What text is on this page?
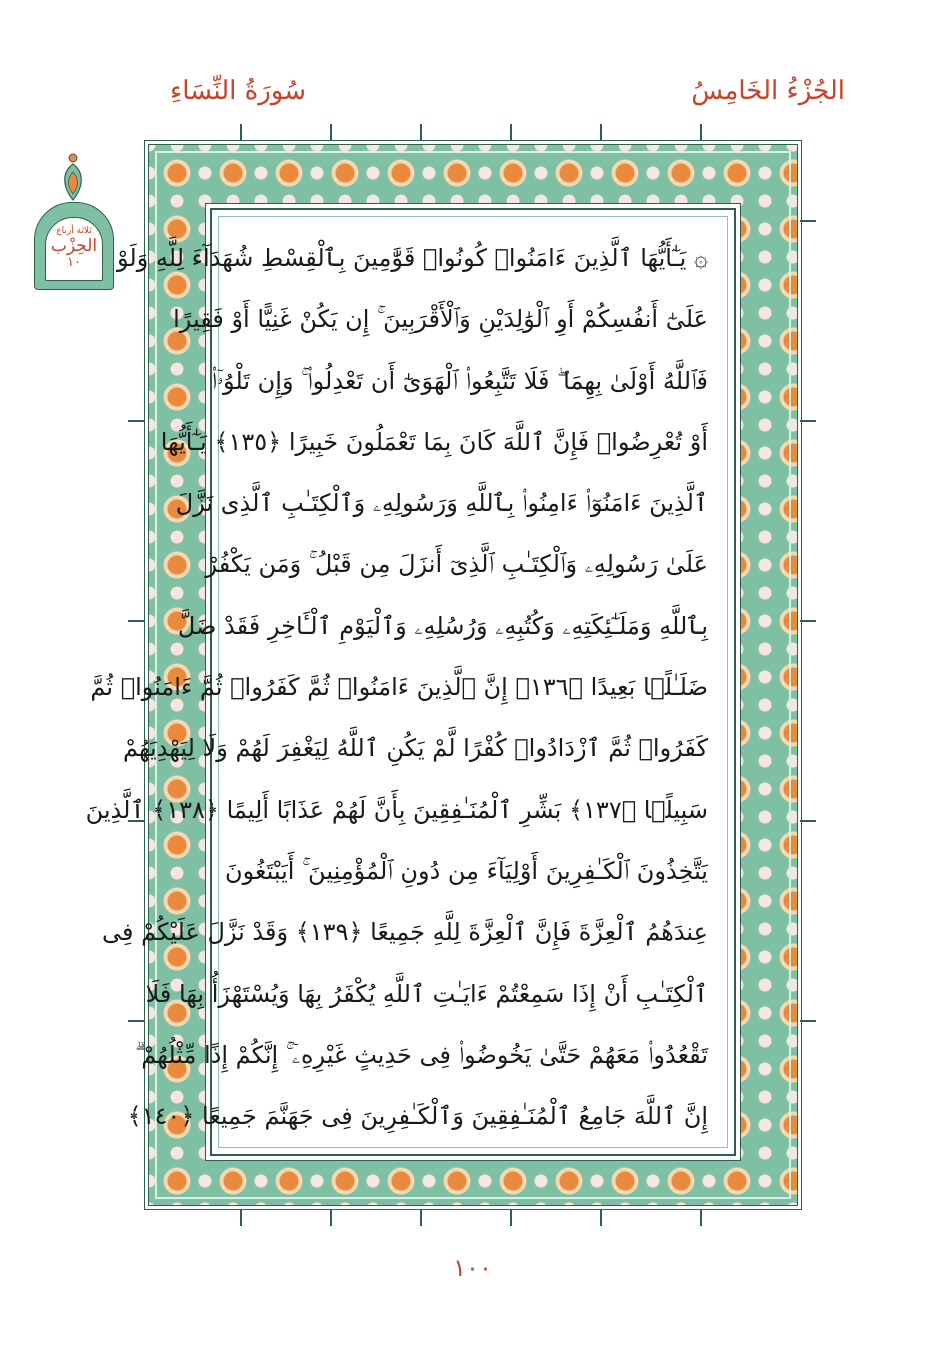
الجُزْءُ الخَامِسُ
سُورَةُ النِّسَاءِ
ثلاثة أرباع
الحِزْب
١٠	۞ يَـٰٓأَيُّهَا ٱلَّذِينَ ءَامَنُوا۟ كُونُوا۟ قَوَّٰمِينَ بِٱلْقِسْطِ شُهَدَآءَ لِلَّهِ وَلَوْ
عَلَىٰٓ أَنفُسِكُمْ أَوِ ٱلْوَٰلِدَيْنِ وَٱلْأَقْرَبِينَ ۚ إِن يَكُنْ غَنِيًّا أَوْ فَقِيرًا
فَٱللَّهُ أَوْلَىٰ بِهِمَا ۖ فَلَا تَتَّبِعُوا۟ ٱلْهَوَىٰٓ أَن تَعْدِلُوا۟ ۚ وَإِن تَلْوُۥٓا۟
أَوْ تُعْرِضُوا۟ فَإِنَّ ٱللَّهَ كَانَ بِمَا تَعْمَلُونَ خَبِيرًا ﴿١٣٥﴾ يَـٰٓأَيُّهَا
ٱلَّذِينَ ءَامَنُوٓا۟ ءَامِنُوا۟ بِٱللَّهِ وَرَسُولِهِۦ وَٱلْكِتَـٰبِ ٱلَّذِى نَزَّلَ
عَلَىٰ رَسُولِهِۦ وَٱلْكِتَـٰبِ ٱلَّذِىٓ أَنزَلَ مِن قَبْلُ ۚ وَمَن يَكْفُرْ
بِٱللَّهِ وَمَلَـٰٓئِكَتِهِۦ وَكُتُبِهِۦ وَرُسُلِهِۦ وَٱلْيَوْمِ ٱلْـَٔاخِرِ فَقَدْ ضَلَّ
ضَلَـٰلًۢا بَعِيدًا ﴿١٣٦﴾ إِنَّ ٱلَّذِينَ ءَامَنُوا۟ ثُمَّ كَفَرُوا۟ ثُمَّ ءَامَنُوا۟ ثُمَّ
كَفَرُوا۟ ثُمَّ ٱزْدَادُوا۟ كُفْرًا لَّمْ يَكُنِ ٱللَّهُ لِيَغْفِرَ لَهُمْ وَلَا لِيَهْدِيَهُمْ
سَبِيلًۢا ﴿١٣٧﴾ بَشِّرِ ٱلْمُنَـٰفِقِينَ بِأَنَّ لَهُمْ عَذَابًا أَلِيمًا ﴿١٣٨﴾ ٱلَّذِينَ
يَتَّخِذُونَ ٱلْكَـٰفِرِينَ أَوْلِيَآءَ مِن دُونِ ٱلْمُؤْمِنِينَ ۚ أَيَبْتَغُونَ
عِندَهُمُ ٱلْعِزَّةَ فَإِنَّ ٱلْعِزَّةَ لِلَّهِ جَمِيعًا ﴿١٣٩﴾ وَقَدْ نَزَّلَ عَلَيْكُمْ فِى
ٱلْكِتَـٰبِ أَنْ إِذَا سَمِعْتُمْ ءَايَـٰتِ ٱللَّهِ يُكْفَرُ بِهَا وَيُسْتَهْزَأُ بِهَا فَلَا
تَقْعُدُوا۟ مَعَهُمْ حَتَّىٰ يَخُوضُوا۟ فِى حَدِيثٍ غَيْرِهِۦٓ ۚ إِنَّكُمْ إِذًا مِّثْلُهُمْ ۗ
إِنَّ ٱللَّهَ جَامِعُ ٱلْمُنَـٰفِقِينَ وَٱلْكَـٰفِرِينَ فِى جَهَنَّمَ جَمِيعًا ﴿١٤٠﴾
١٠٠
